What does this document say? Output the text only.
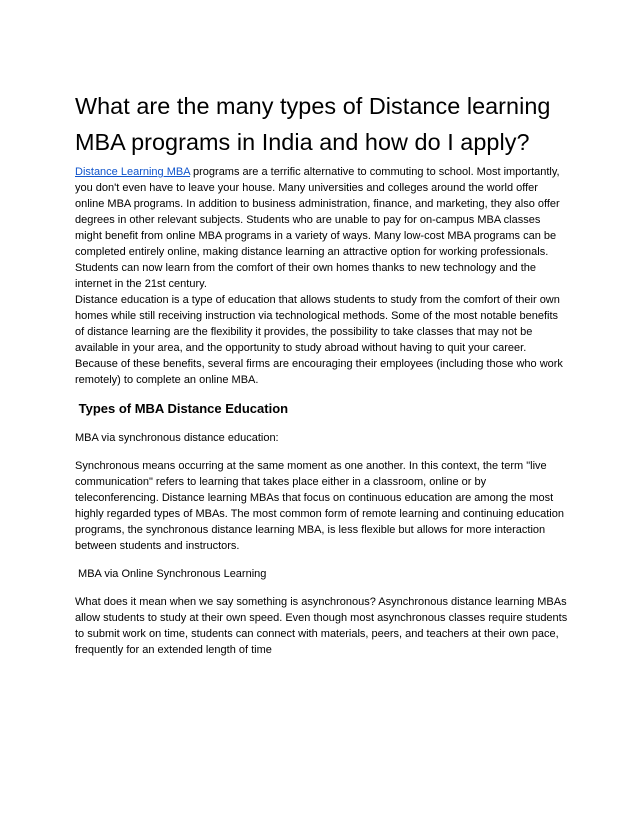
What are the many types of Distance learning MBA programs in India and how do I apply?

Distance Learning MBA programs are a terrific alternative to commuting to school. Most importantly, you don't even have to leave your house. Many universities and colleges around the world offer online MBA programs. In addition to business administration, finance, and marketing, they also offer degrees in other relevant subjects. Students who are unable to pay for on-campus MBA classes might benefit from online MBA programs in a variety of ways. Many low-cost MBA programs can be completed entirely online, making distance learning an attractive option for working professionals. Students can now learn from the comfort of their own homes thanks to new technology and the internet in the 21st century.

Distance education is a type of education that allows students to study from the comfort of their own homes while still receiving instruction via technological methods. Some of the most notable benefits of distance learning are the flexibility it provides, the possibility to take classes that may not be available in your area, and the opportunity to study abroad without having to quit your career. Because of these benefits, several firms are encouraging their employees (including those who work remotely) to complete an online MBA.

Types of MBA Distance Education

MBA via synchronous distance education:

Synchronous means occurring at the same moment as one another. In this context, the term "live communication" refers to learning that takes place either in a classroom, online or by teleconferencing. Distance learning MBAs that focus on continuous education are among the most highly regarded types of MBAs. The most common form of remote learning and continuing education programs, the synchronous distance learning MBA, is less flexible but allows for more interaction between students and instructors.

MBA via Online Synchronous Learning

What does it mean when we say something is asynchronous? Asynchronous distance learning MBAs allow students to study at their own speed. Even though most asynchronous classes require students to submit work on time, students can connect with materials, peers, and teachers at their own pace, frequently for an extended length of time
